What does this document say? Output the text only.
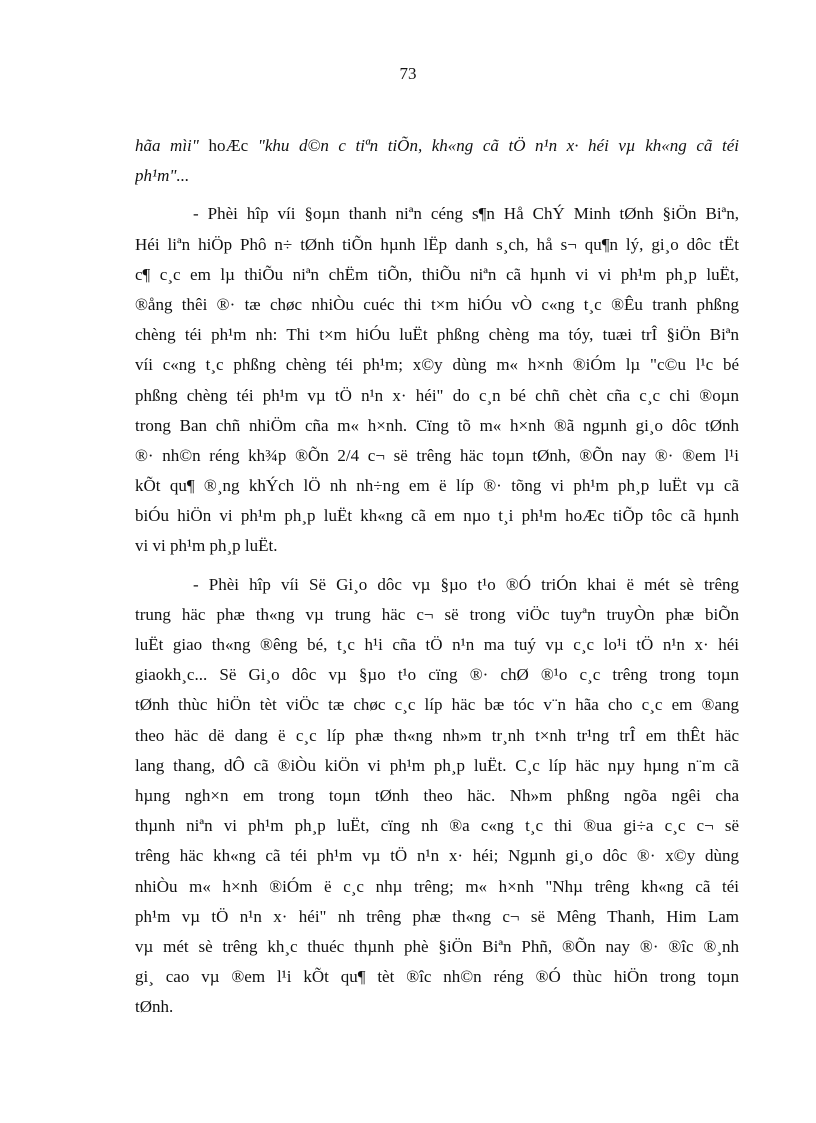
73
hãa mìi" hoÆc "khu d©n c tiªn tiÕn, kh«ng cã tÖ n¹n x· héi vµ kh«ng cã téi
ph¹m"...
- Phèi hîp víi §oµn thanh niªn céng s¶n Hå ChÝ Minh tØnh §iÖn Biªn,
Héi liªn hiÖp Phô n÷ tØnh tiÕn hµnh lËp danh s¸ch, hå s¬ qu¶n lý, gi¸o dôc tËt
c¶ c¸c em lµ thiÕu niªn chËm tiÕn, thiÕu niªn cã hµnh vi vi ph¹m ph¸p luËt,
®ång thêi ®· tæ chøc nhiÒu cuéc thi t×m hiÓu vÒ c«ng t¸c ®Êu tranh phßng
chèng téi ph¹m nh: Thi t×m hiÓu luËt phßng chèng ma tóy, tuæi trÎ §iÖn Biªn
víi c«ng t¸c phßng chèng téi ph¹m; x©y dùng m« h×nh ®iÓm lµ "c©u l¹c bé
phßng chèng téi ph¹m vµ tÖ n¹n x· héi" do c¸n bé chñ chèt cña c¸c chi ®oµn
trong Ban chñ nhiÖm cña m« h×nh. Cïng tõ m« h×nh ®ã ngµnh gi¸o dôc tØnh
®· nh©n réng kh¾p ®Õn 2/4 c¬ së trêng häc toµn tØnh, ®Õn nay ®· ®em l¹i
kÕt qu¶ ®¸ng khÝch lÖ nh nh÷ng em ë líp ®· tõng vi ph¹m ph¸p luËt vµ cã
biÓu hiÖn vi ph¹m ph¸p luËt kh«ng cã em nµo t¸i ph¹m hoÆc tiÕp tôc cã hµnh
vi vi ph¹m ph¸p luËt.
- Phèi hîp víi Së Gi¸o dôc vµ §µo t¹o ®Ó triÓn khai ë mét sè trêng
trung häc phæ th«ng vµ trung häc c¬ së trong viÖc tuyªn truyÒn phæ biÕn
luËt giao th«ng ®êng bé, t¸c h¹i cña tÖ n¹n ma tuý vµ c¸c lo¹i tÖ n¹n x· héi
giaokh¸c... Së Gi¸o dôc vµ §µo t¹o cïng ®· chØ ®¹o c¸c trêng trong toµn
tØnh thùc hiÖn tèt viÖc tæ chøc c¸c líp häc bæ tóc v¨n hãa cho c¸c em ®ang
theo häc dë dang ë c¸c líp phæ th«ng nh»m tr¸nh t×nh tr¹ng trÎ em thÊt häc
lang thang, dÔ cã ®iÒu kiÖn vi ph¹m ph¸p luËt. C¸c líp häc nµy hµng n¨m cã
hµng ngh×n em trong toµn tØnh theo häc. Nh»m phßng ngõa ngêi cha
thµnh niªn vi ph¹m ph¸p luËt, cïng nh ®a c«ng t¸c thi ®ua gi÷a c¸c c¬ së
trêng häc kh«ng cã téi ph¹m vµ tÖ n¹n x· héi; Ngµnh gi¸o dôc ®· x©y dùng
nhiÒu m« h×nh ®iÓm ë c¸c nhµ trêng; m« h×nh "Nhµ trêng kh«ng cã téi
ph¹m vµ tÖ n¹n x· héi" nh trêng phæ th«ng c¬ së Mêng Thanh, Him Lam
vµ mét sè trêng kh¸c thuéc thµnh phè §iÖn Biªn Phñ, ®Õn nay ®· ®îc ®¸nh
gi¸ cao vµ ®em l¹i kÕt qu¶ tèt ®îc nh©n réng ®Ó thùc hiÖn trong toµn
tØnh.
